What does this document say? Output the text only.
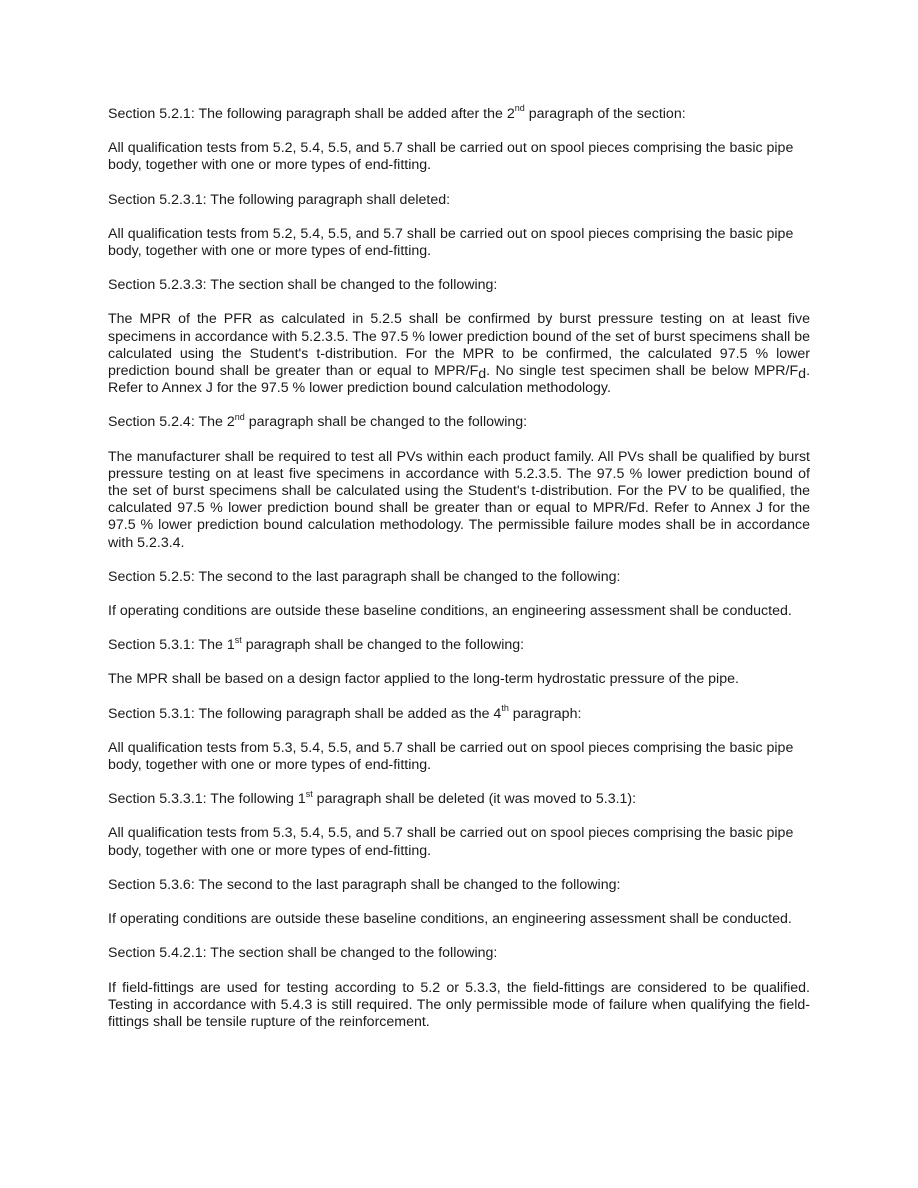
Section 5.2.1: The following paragraph shall be added after the 2nd paragraph of the section:
All qualification tests from 5.2, 5.4, 5.5, and 5.7 shall be carried out on spool pieces comprising the basic pipe body, together with one or more types of end-fitting.
Section 5.2.3.1: The following paragraph shall deleted:
All qualification tests from 5.2, 5.4, 5.5, and 5.7 shall be carried out on spool pieces comprising the basic pipe body, together with one or more types of end-fitting.
Section 5.2.3.3: The section shall be changed to the following:
The MPR of the PFR as calculated in 5.2.5 shall be confirmed by burst pressure testing on at least five specimens in accordance with 5.2.3.5. The 97.5 % lower prediction bound of the set of burst specimens shall be calculated using the Student's t-distribution. For the MPR to be confirmed, the calculated 97.5 % lower prediction bound shall be greater than or equal to MPR/$F_d$. No single test specimen shall be below MPR/$F_d$. Refer to Annex J for the 97.5 % lower prediction bound calculation methodology.
Section 5.2.4: The 2nd paragraph shall be changed to the following:
The manufacturer shall be required to test all PVs within each product family. All PVs shall be qualified by burst pressure testing on at least five specimens in accordance with 5.2.3.5. The 97.5 % lower prediction bound of the set of burst specimens shall be calculated using the Student's t-distribution. For the PV to be qualified, the calculated 97.5 % lower prediction bound shall be greater than or equal to MPR/Fd. Refer to Annex J for the 97.5 % lower prediction bound calculation methodology. The permissible failure modes shall be in accordance with 5.2.3.4.
Section 5.2.5: The second to the last paragraph shall be changed to the following:
If operating conditions are outside these baseline conditions, an engineering assessment shall be conducted.
Section 5.3.1: The 1st paragraph shall be changed to the following:
The MPR shall be based on a design factor applied to the long-term hydrostatic pressure of the pipe.
Section 5.3.1: The following paragraph shall be added as the 4th paragraph:
All qualification tests from 5.3, 5.4, 5.5, and 5.7 shall be carried out on spool pieces comprising the basic pipe body, together with one or more types of end-fitting.
Section 5.3.3.1: The following 1st paragraph shall be deleted (it was moved to 5.3.1):
All qualification tests from 5.3, 5.4, 5.5, and 5.7 shall be carried out on spool pieces comprising the basic pipe body, together with one or more types of end-fitting.
Section 5.3.6: The second to the last paragraph shall be changed to the following:
If operating conditions are outside these baseline conditions, an engineering assessment shall be conducted.
Section 5.4.2.1: The section shall be changed to the following:
If field-fittings are used for testing according to 5.2 or 5.3.3, the field-fittings are considered to be qualified. Testing in accordance with 5.4.3 is still required. The only permissible mode of failure when qualifying the field-fittings shall be tensile rupture of the reinforcement.
